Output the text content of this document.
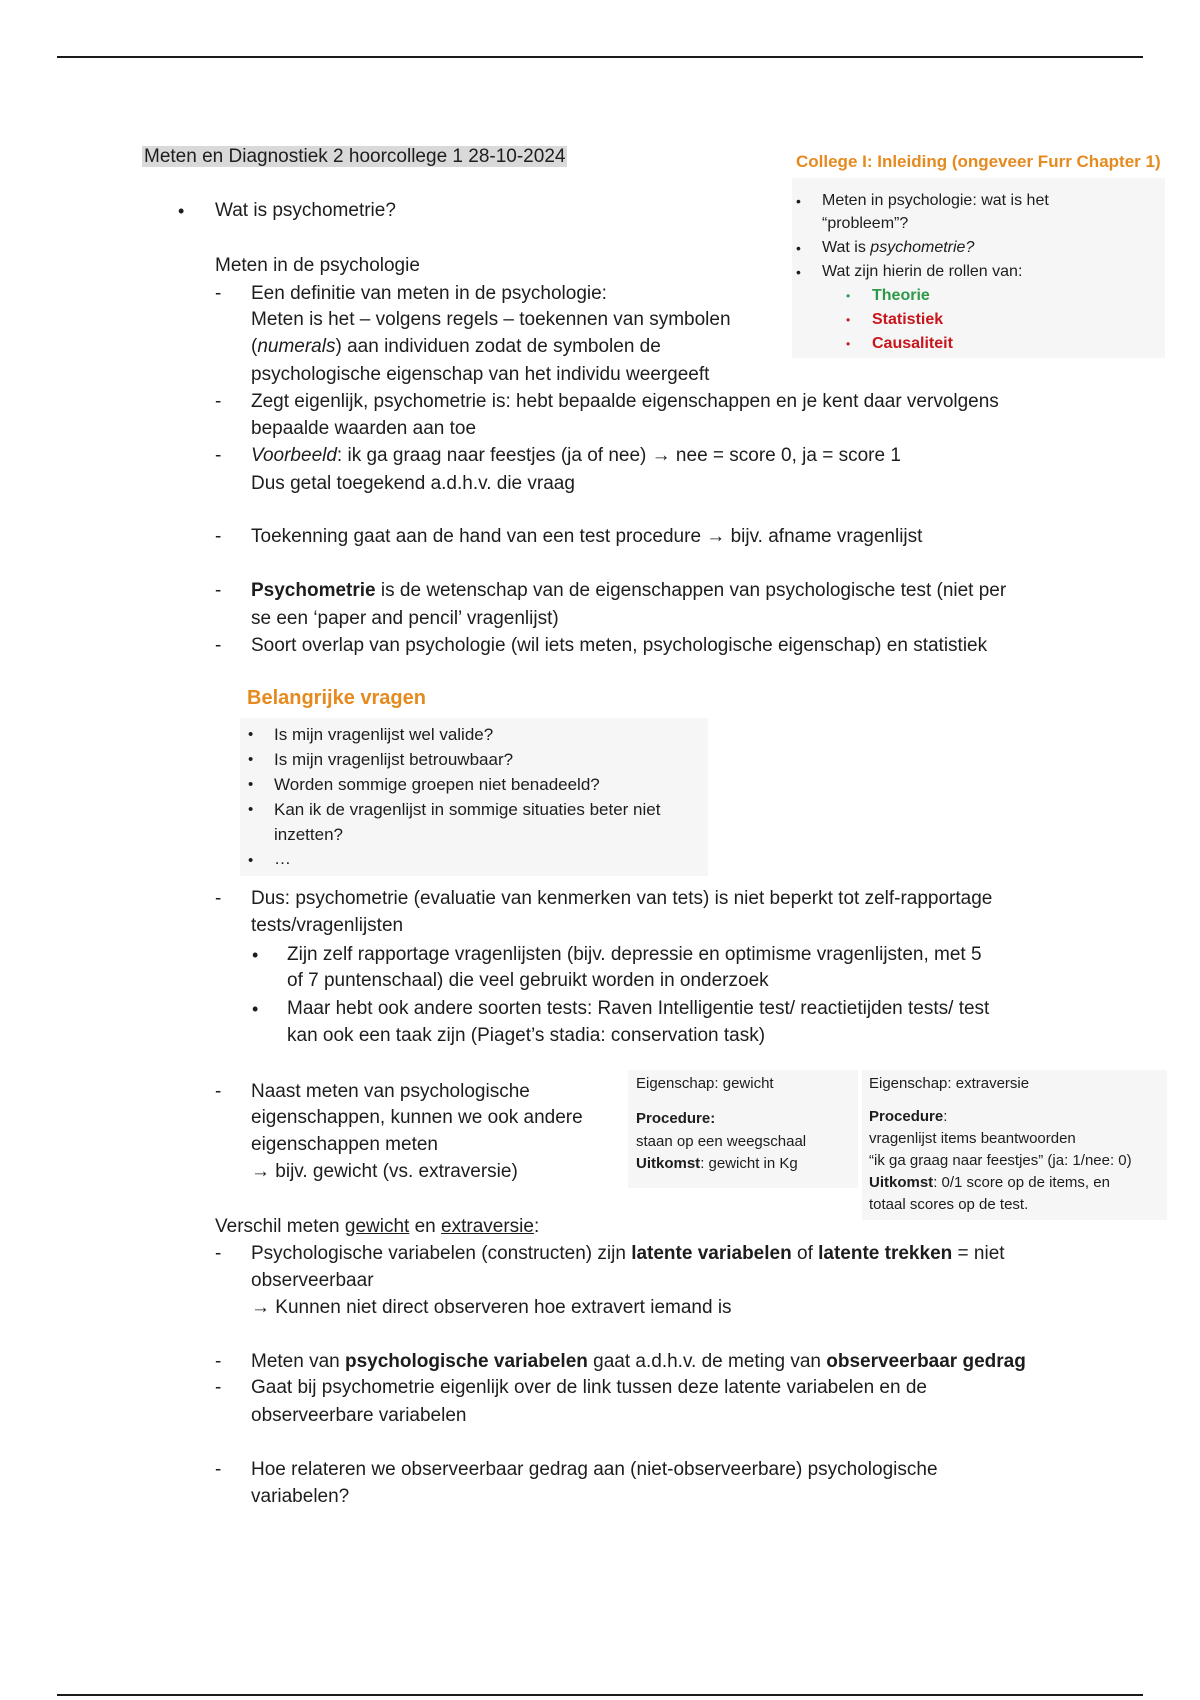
Meten en Diagnostiek 2 hoorcollege 1 28-10-2024	College I: Inleiding (ongeveer Furr Chapter 1)
• Meten in psychologie: wat is het
“probleem”?
• Wat is psychometrie?
• Wat zijn hierin de rollen van:
• Theorie
• Statistiek
• Causaliteit
• Wat is psychometrie?
Meten in de psychologie
- Een definitie van meten in de psychologie:
Meten is het – volgens regels – toekennen van symbolen
(numerals) aan individuen zodat de symbolen de
psychologische eigenschap van het individu weergeeft
- Zegt eigenlijk, psychometrie is: hebt bepaalde eigenschappen en je kent daar vervolgens
bepaalde waarden aan toe
- Voorbeeld: ik ga graag naar feestjes (ja of nee) → nee = score 0, ja = score 1
Dus getal toegekend a.d.h.v. die vraag
- Toekenning gaat aan de hand van een test procedure → bijv. afname vragenlijst
- Psychometrie is de wetenschap van de eigenschappen van psychologische test (niet per
se een ‘paper and pencil’ vragenlijst)
- Soort overlap van psychologie (wil iets meten, psychologische eigenschap) en statistiek
Belangrijke vragen
• Is mijn vragenlijst wel valide?
• Is mijn vragenlijst betrouwbaar?
• Worden sommige groepen niet benadeeld?
• Kan ik de vragenlijst in sommige situaties beter niet
inzetten?
• …
- Dus: psychometrie (evaluatie van kenmerken van tets) is niet beperkt tot zelf-rapportage
tests/vragenlijsten
• Zijn zelf rapportage vragenlijsten (bijv. depressie en optimisme vragenlijsten, met 5
of 7 puntenschaal) die veel gebruikt worden in onderzoek
• Maar hebt ook andere soorten tests: Raven Intelligentie test/ reactietijden tests/ test
kan ook een taak zijn (Piaget’s stadia: conservation task)
- Naast meten van psychologische
eigenschappen, kunnen we ook andere
eigenschappen meten
→ bijv. gewicht (vs. extraversie)
Eigenschap: gewicht
Procedure:
staan op een weegschaal
Uitkomst: gewicht in Kg
Eigenschap: extraversie
Procedure:
vragenlijst items beantwoorden
“ik ga graag naar feestjes” (ja: 1/nee: 0)
Uitkomst: 0/1 score op de items, en
totaal scores op de test.
Verschil meten gewicht en extraversie:
- Psychologische variabelen (constructen) zijn latente variabelen of latente trekken = niet
observeerbaar
→ Kunnen niet direct observeren hoe extravert iemand is
- Meten van psychologische variabelen gaat a.d.h.v. de meting van observeerbaar gedrag
- Gaat bij psychometrie eigenlijk over de link tussen deze latente variabelen en de
observeerbare variabelen
- Hoe relateren we observeerbaar gedrag aan (niet-observeerbare) psychologische
variabelen?
